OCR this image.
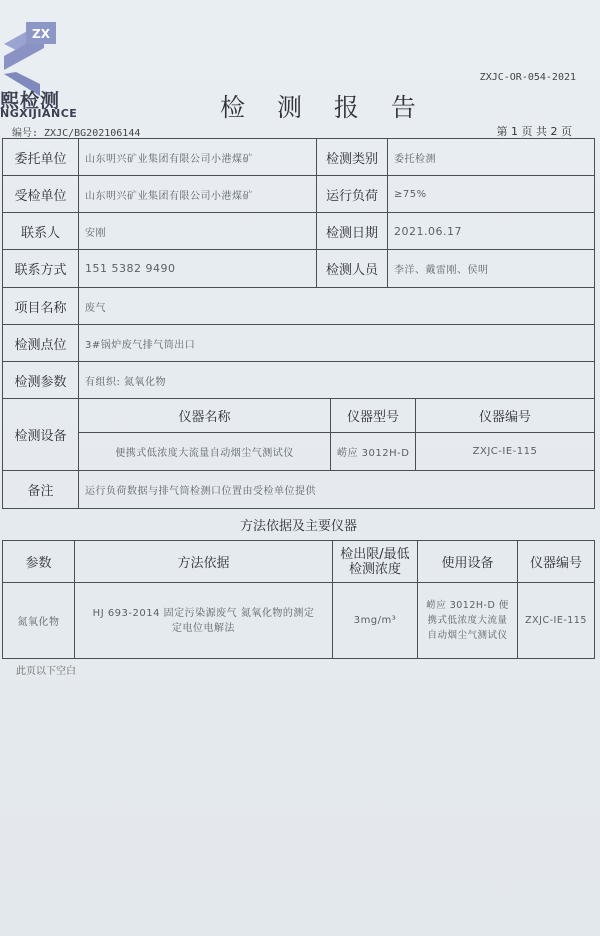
ZX
熙检测
NGXIJIANCE
ZXJC-OR-054-2021
检 测 报 告
编号: ZXJC/BG202106144	第 1 页 共 2 页
委托单位	山东明兴矿业集团有限公司小港煤矿	检测类别	委托检测
受检单位	山东明兴矿业集团有限公司小港煤矿	运行负荷	≥75%
联系人	安刚	检测日期	2021.06.17
联系方式	151 5382 9490	检测人员	李洋、戴雷刚、侯明
项目名称	废气		
检测点位	3#锅炉废气排气筒出口		
检测参数	有组织: 氮氧化物		
检测设备	仪器名称	仪器型号	仪器编号
	便携式低浓度大流量自动烟尘气测试仪	崂应 3012H-D	ZXJC-IE-115
备注	运行负荷数据与排气筒检测口位置由受检单位提供		
方法依据及主要仪器				
参数	方法依据	检出限/最低检测浓度	使用设备	仪器编号
氮氧化物	HJ 693-2014 固定污染源废气 氮氧化物的测定 定电位电解法	3mg/m³	崂应 3012H-D 便携式低浓度大流量自动烟尘气测试仪	ZXJC-IE-115
此页以下空白
